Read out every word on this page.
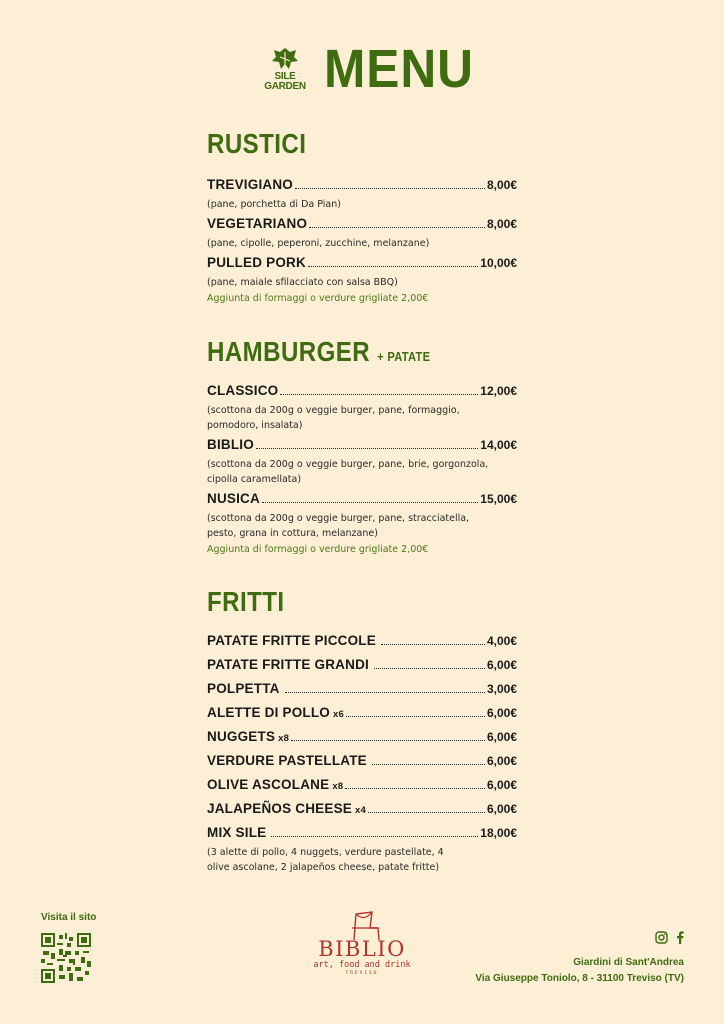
SILE
GARDEN MENU
RUSTICI
TREVIGIANO	8,00€
(pane, porchetta di Da Pian)
VEGETARIANO	8,00€
(pane, cipolle, peperoni, zucchine, melanzane)
PULLED PORK	10,00€
(pane, maiale sfilacciato con salsa BBQ)
Aggiunta di formaggi o verdure grigliate 2,00€
HAMBURGER + PATATE
CLASSICO	12,00€
(scottona da 200g o veggie burger, pane, formaggio, pomodoro, insalata)
BIBLIO	14,00€
(scottona da 200g o veggie burger, pane, brie, gorgonzola, cipolla caramellata)
NUSICA	15,00€
(scottona da 200g o veggie burger, pane, stracciatella, pesto, grana in cottura, melanzane)
Aggiunta di formaggi o verdure grigliate 2,00€
FRITTI
PATATE FRITTE PICCOLE	4,00€
PATATE FRITTE GRANDI	6,00€
POLPETTA	3,00€
ALETTE DI POLLO x6	6,00€
NUGGETS x8	6,00€
VERDURE PASTELLATE	6,00€
OLIVE ASCOLANE x8	6,00€
JALAPEÑOS CHEESE x4	6,00€
MIX SILE	18,00€
(3 alette di pollo, 4 nuggets, verdure pastellate, 4 olive ascolane, 2 jalapeños cheese, patate fritte)
Visita il sito
BIBLIO
art, food and drink
TREVISO
Giardini di Sant'Andrea
Via Giuseppe Toniolo, 8 - 31100 Treviso (TV)
